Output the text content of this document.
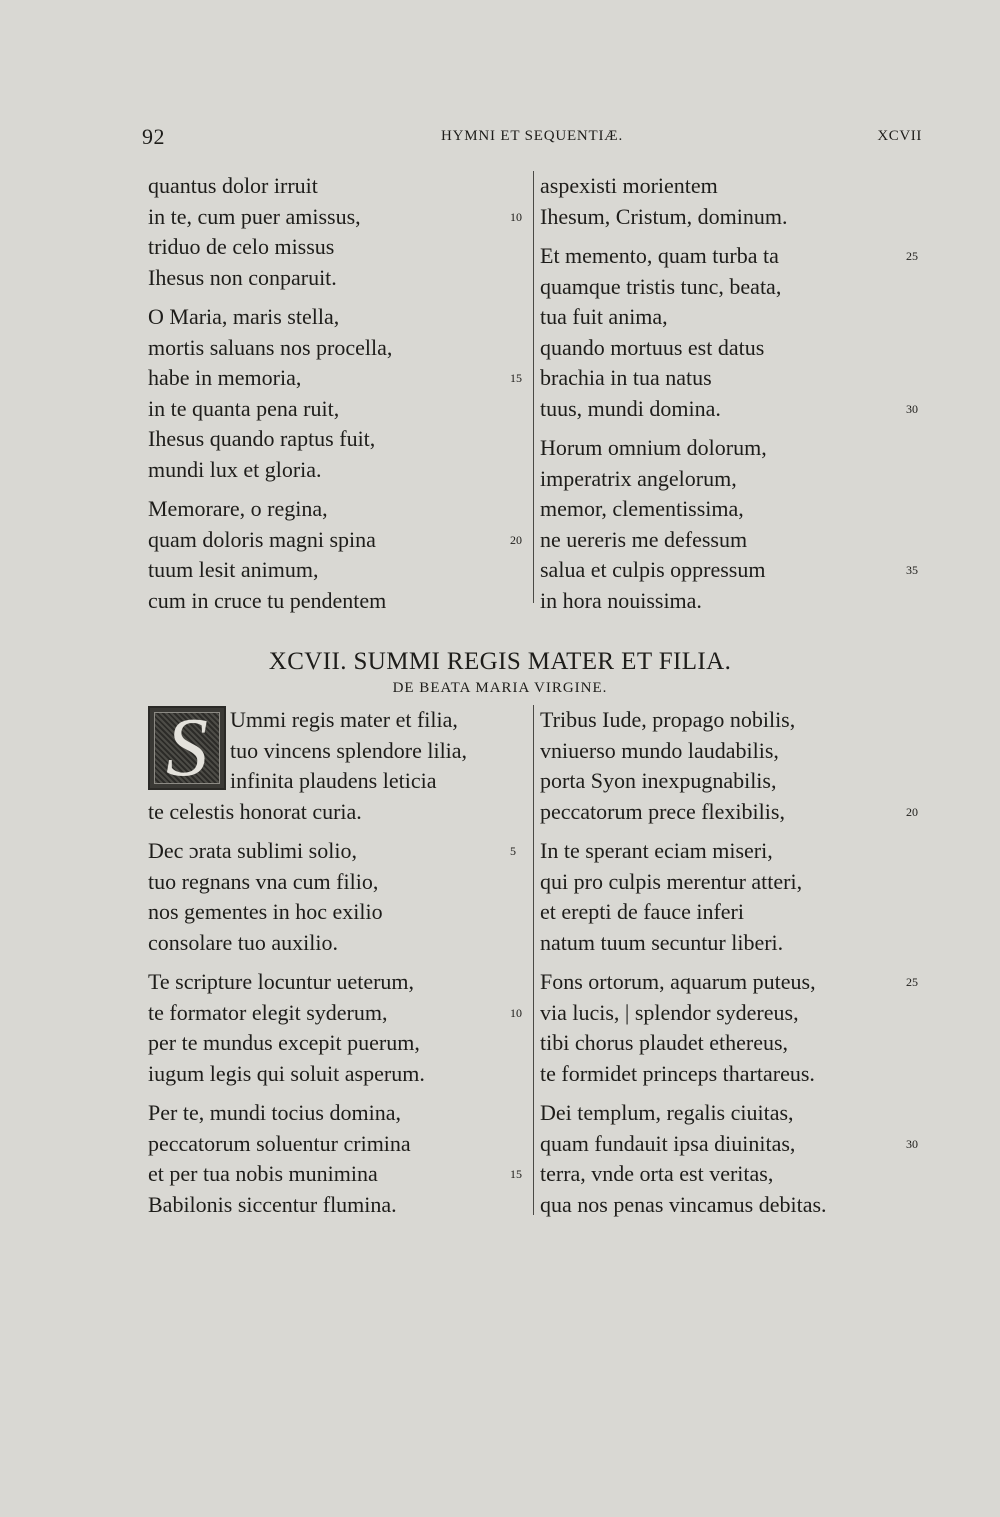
92	HYMNI ET SEQUENTIÆ.	XCVII
quantus dolor irruit
in te, cum puer amissus,	10
triduo de celo missus
Ihesus non conparuit.
O Maria, maris stella,
mortis saluans nos procella,
habe in memoria,	15
in te quanta pena ruit,
Ihesus quando raptus fuit,
mundi lux et gloria.
Memorare, o regina,
quam doloris magni spina	20
tuum lesit animum,
cum in cruce tu pendentem
aspexisti morientem
Ihesum, Cristum, dominum.
Et memento, quam turba ta	25
quamque tristis tunc, beata,
tua fuit anima,
quando mortuus est datus
brachia in tua natus
tuus, mundi domina.	30
Horum omnium dolorum,
imperatrix angelorum,
memor, clementissima,
ne uereris me defessum
salua et culpis oppressum	35
in hora nouissima.
XCVII. SUMMI REGIS MATER ET FILIA.
DE BEATA MARIA VIRGINE.
S	Ummi regis mater et filia,
tuo vincens splendore lilia,
infinita plaudens leticia
te celestis honorat curia.
Dec ɔrata sublimi solio,	5
tuo regnans vna cum filio,
nos gementes in hoc exilio
consolare tuo auxilio.
Te scripture locuntur ueterum,
te formator elegit syderum,	10
per te mundus excepit puerum,
iugum legis qui soluit asperum.
Per te, mundi tocius domina,
peccatorum soluentur crimina
et per tua nobis munimina	15
Babilonis siccentur flumina.
Tribus Iude, propago nobilis,
vniuerso mundo laudabilis,
porta Syon inexpugnabilis,
peccatorum prece flexibilis,	20
In te sperant eciam miseri,
qui pro culpis merentur atteri,
et erepti de fauce inferi
natum tuum secuntur liberi.
Fons ortorum, aquarum puteus,	25
via lucis, | splendor sydereus,
tibi chorus plaudet ethereus,
te formidet princeps thartareus.
Dei templum, regalis ciuitas,
quam fundauit ipsa diuinitas,	30
terra, vnde orta est veritas,
qua nos penas vincamus debitas.
